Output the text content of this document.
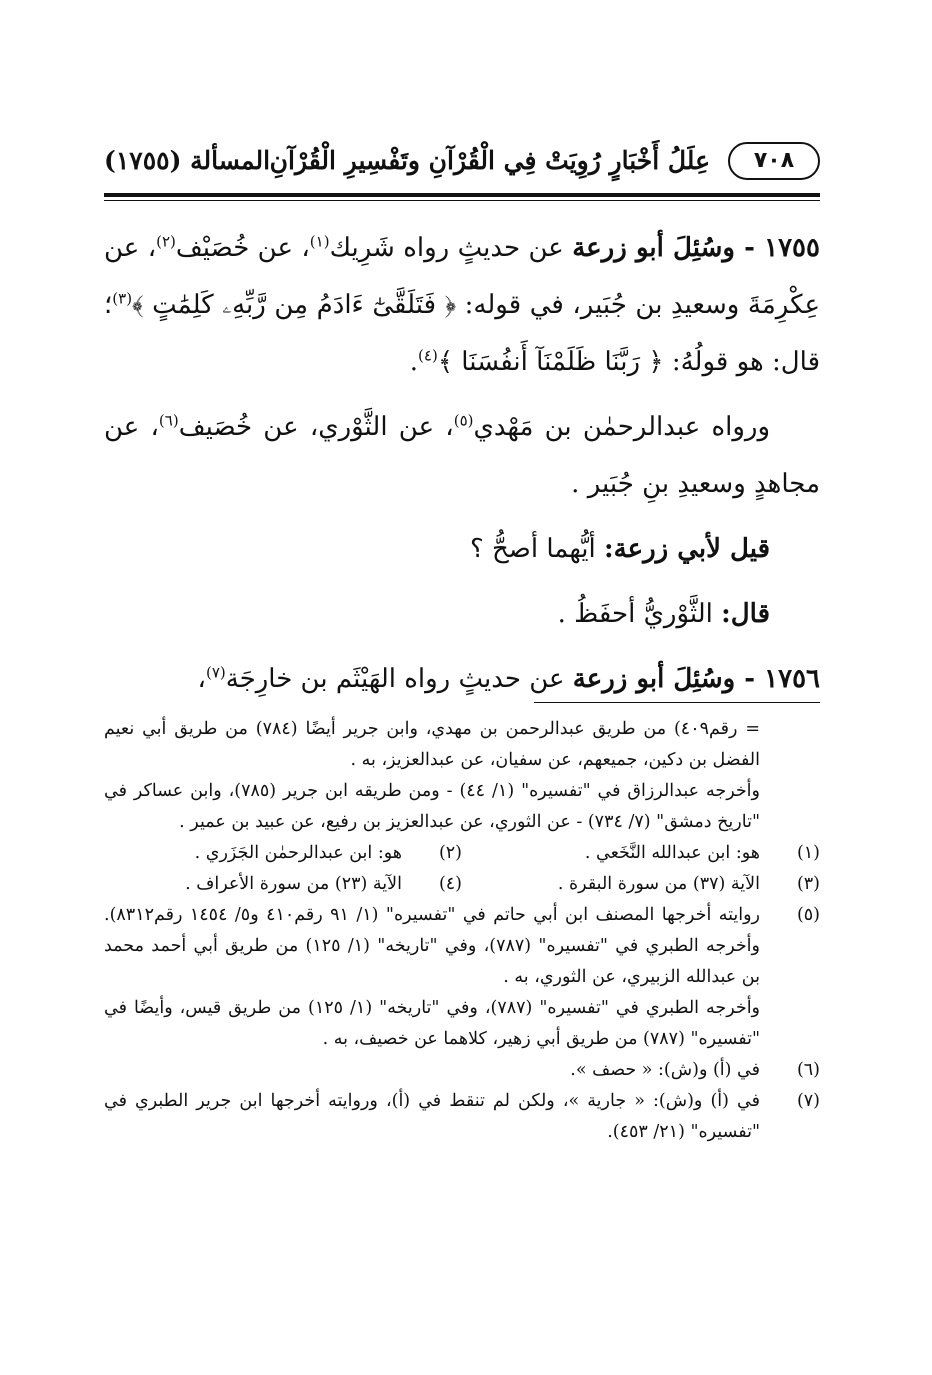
٧٠٨
عِلَلُ أَخْبَارٍ رُوِيَتْ فِي الْقُرْآنِ وتَفْسِيرِ الْقُرْآنِ
المسألة (١٧٥٥)

١٧٥٥ - وسُئِلَ أبو زرعة عن حديثٍ رواه شَرِيك$^{(١)}$، عن خُصَيْف$^{(٢)}$، عن عِكْرِمَةَ وسعيدِ بن جُبَير، في قوله: ﴿ فَتَلَقَّىٰٓ ءَادَمُ مِن رَّبِّهِۦ كَلِمَٰتٍ ﴾$^{(٣)}$؛ قال: هو قولُهُ: ﴿ رَبَّنَا ظَلَمْنَآ أَنفُسَنَا ﴾$^{(٤)}$.

ورواه عبدالرحمٰن بن مَهْدي$^{(٥)}$، عن الثَّوْري، عن خُصَيف$^{(٦)}$، عن مجاهدٍ وسعيدِ بنِ جُبَير .

قيل لأبي زرعة: أيُّهما أصحُّ ؟

قال: الثَّوْريُّ أحفَظُ .

١٧٥٦ - وسُئِلَ أبو زرعة عن حديثٍ رواه الهَيْثَم بن خارِجَة$^{(٧)}$،

= رقم٤٠٩) من طريق عبدالرحمن بن مهدي، وابن جرير أيضًا (٧٨٤) من طريق أبي نعيم الفضل بن دكين، جميعهم، عن سفيان، عن عبدالعزيز، به .

وأخرجه عبدالرزاق في "تفسيره" (١/ ٤٤) - ومن طريقه ابن جرير (٧٨٥)، وابن عساكر في "تاريخ دمشق" (٧/ ٧٣٤) - عن الثوري، عن عبدالعزيز بن رفيع، عن عبيد بن عمير .

(١)
هو: ابن عبدالله النَّخَعي .
(٢)
هو: ابن عبدالرحمٰن الجَزَري .
(٣)
الآية (٣٧) من سورة البقرة .
(٤)
الآية (٢٣) من سورة الأعراف .
(٥)
روايته أخرجها المصنف ابن أبي حاتم في "تفسيره" (١/ ٩١ رقم٤١٠ و٥/ ١٤٥٤ رقم٨٣١٢). وأخرجه الطبري في "تفسيره" (٧٨٧)، وفي "تاريخه" (١/ ١٢٥) من طريق أبي أحمد محمد بن عبدالله الزبيري، عن الثوري، به .

وأخرجه الطبري في "تفسيره" (٧٨٧)، وفي "تاريخه" (١/ ١٢٥) من طريق قيس، وأيضًا في "تفسيره" (٧٨٧) من طريق أبي زهير، كلاهما عن خصيف، به .

(٦)
في (أ) و(ش): « حصف ».
(٧)
في (أ) و(ش): « جارية »، ولكن لم تنقط في (أ)، وروايته أخرجها ابن جرير الطبري في "تفسيره" (٢١/ ٤٥٣).
